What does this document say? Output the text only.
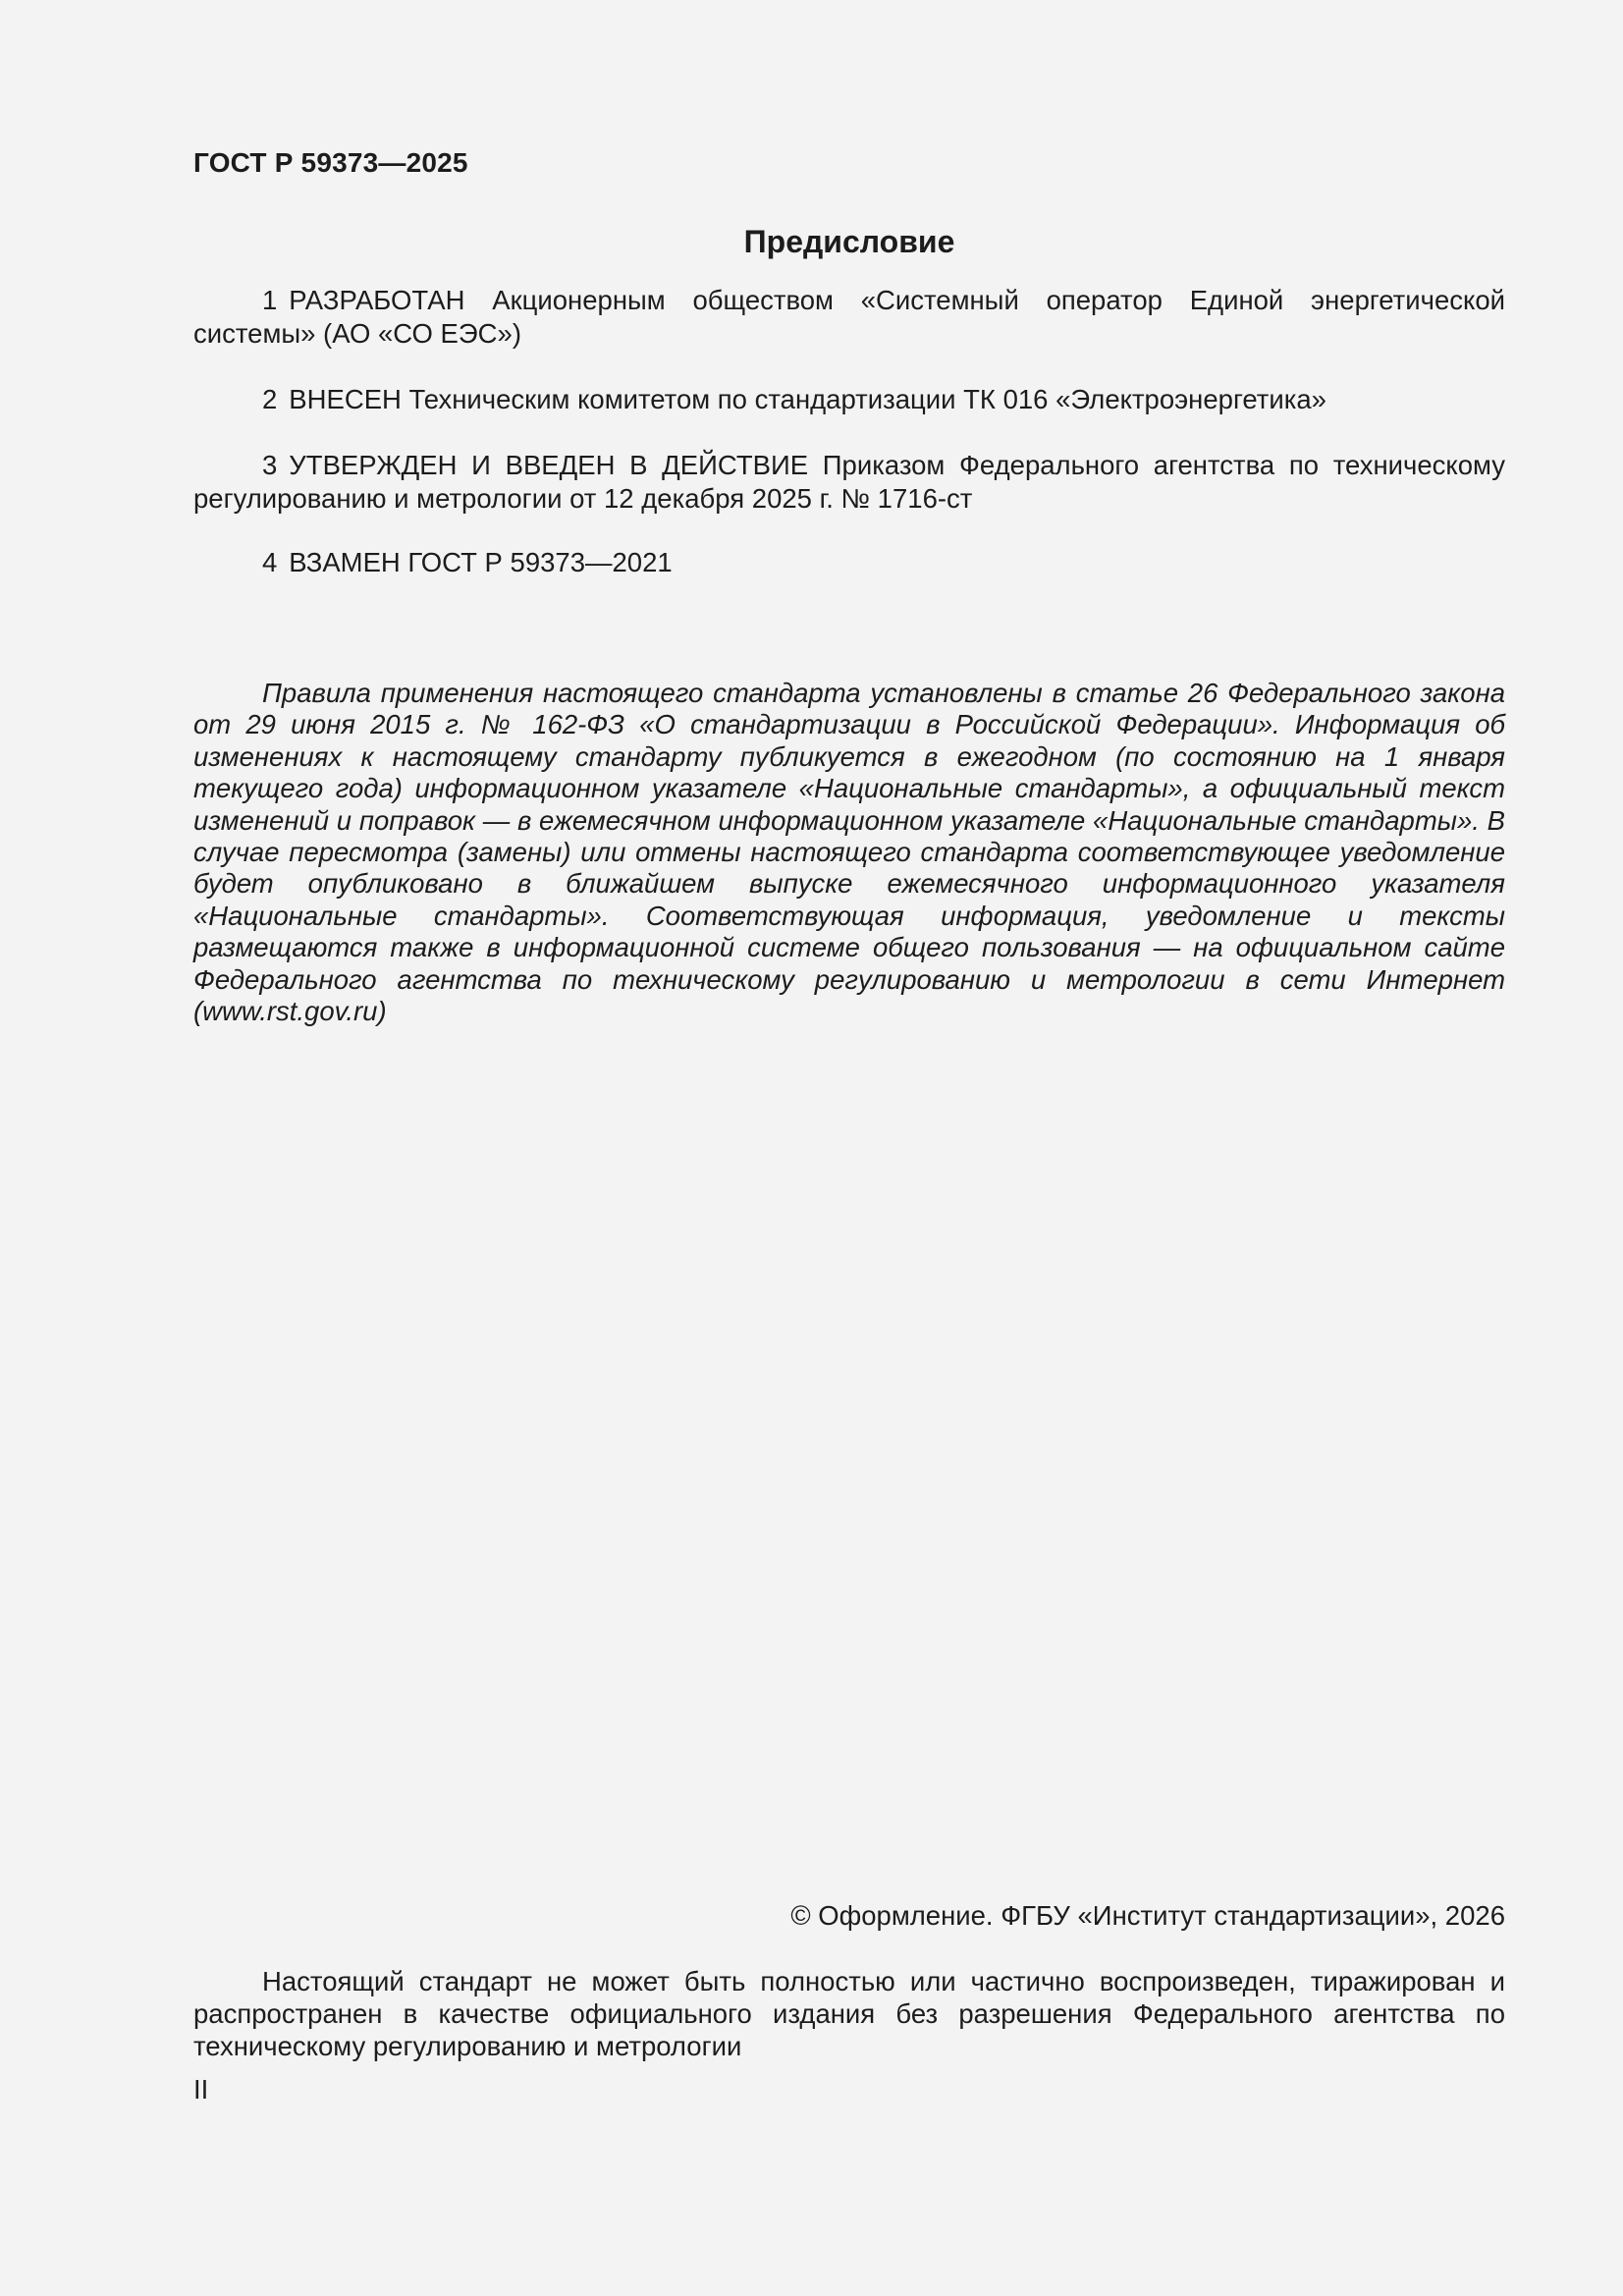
ГОСТ Р 59373—2025
Предисловие

1 РАЗРАБОТАН Акционерным обществом «Системный оператор Единой энергетической системы» (АО «СО ЕЭС»)

2 ВНЕСЕН Техническим комитетом по стандартизации ТК 016 «Электроэнергетика»

3 УТВЕРЖДЕН И ВВЕДЕН В ДЕЙСТВИЕ Приказом Федерального агентства по техническому регулированию и метрологии от 12 декабря 2025 г. № 1716-ст

4 ВЗАМЕН ГОСТ Р 59373—2021

Правила применения настоящего стандарта установлены в статье 26 Федерального закона от 29 июня 2015 г. № 162-ФЗ «О стандартизации в Российской Федерации». Информация об изменениях к настоящему стандарту публикуется в ежегодном (по состоянию на 1 января текущего года) информационном указателе «Национальные стандарты», а официальный текст изменений и поправок — в ежемесячном информационном указателе «Национальные стандарты». В случае пересмотра (замены) или отмены настоящего стандарта соответствующее уведомление будет опубликовано в ближайшем выпуске ежемесячного информационного указателя «Национальные стандарты». Соответствующая информация, уведомление и тексты размещаются также в информационной системе общего пользования — на официальном сайте Федерального агентства по техническому регулированию и метрологии в сети Интернет (www.rst.gov.ru)

© Оформление. ФГБУ «Институт стандартизации», 2026

Настоящий стандарт не может быть полностью или частично воспроизведен, тиражирован и распространен в качестве официального издания без разрешения Федерального агентства по техническому регулированию и метрологии

II
